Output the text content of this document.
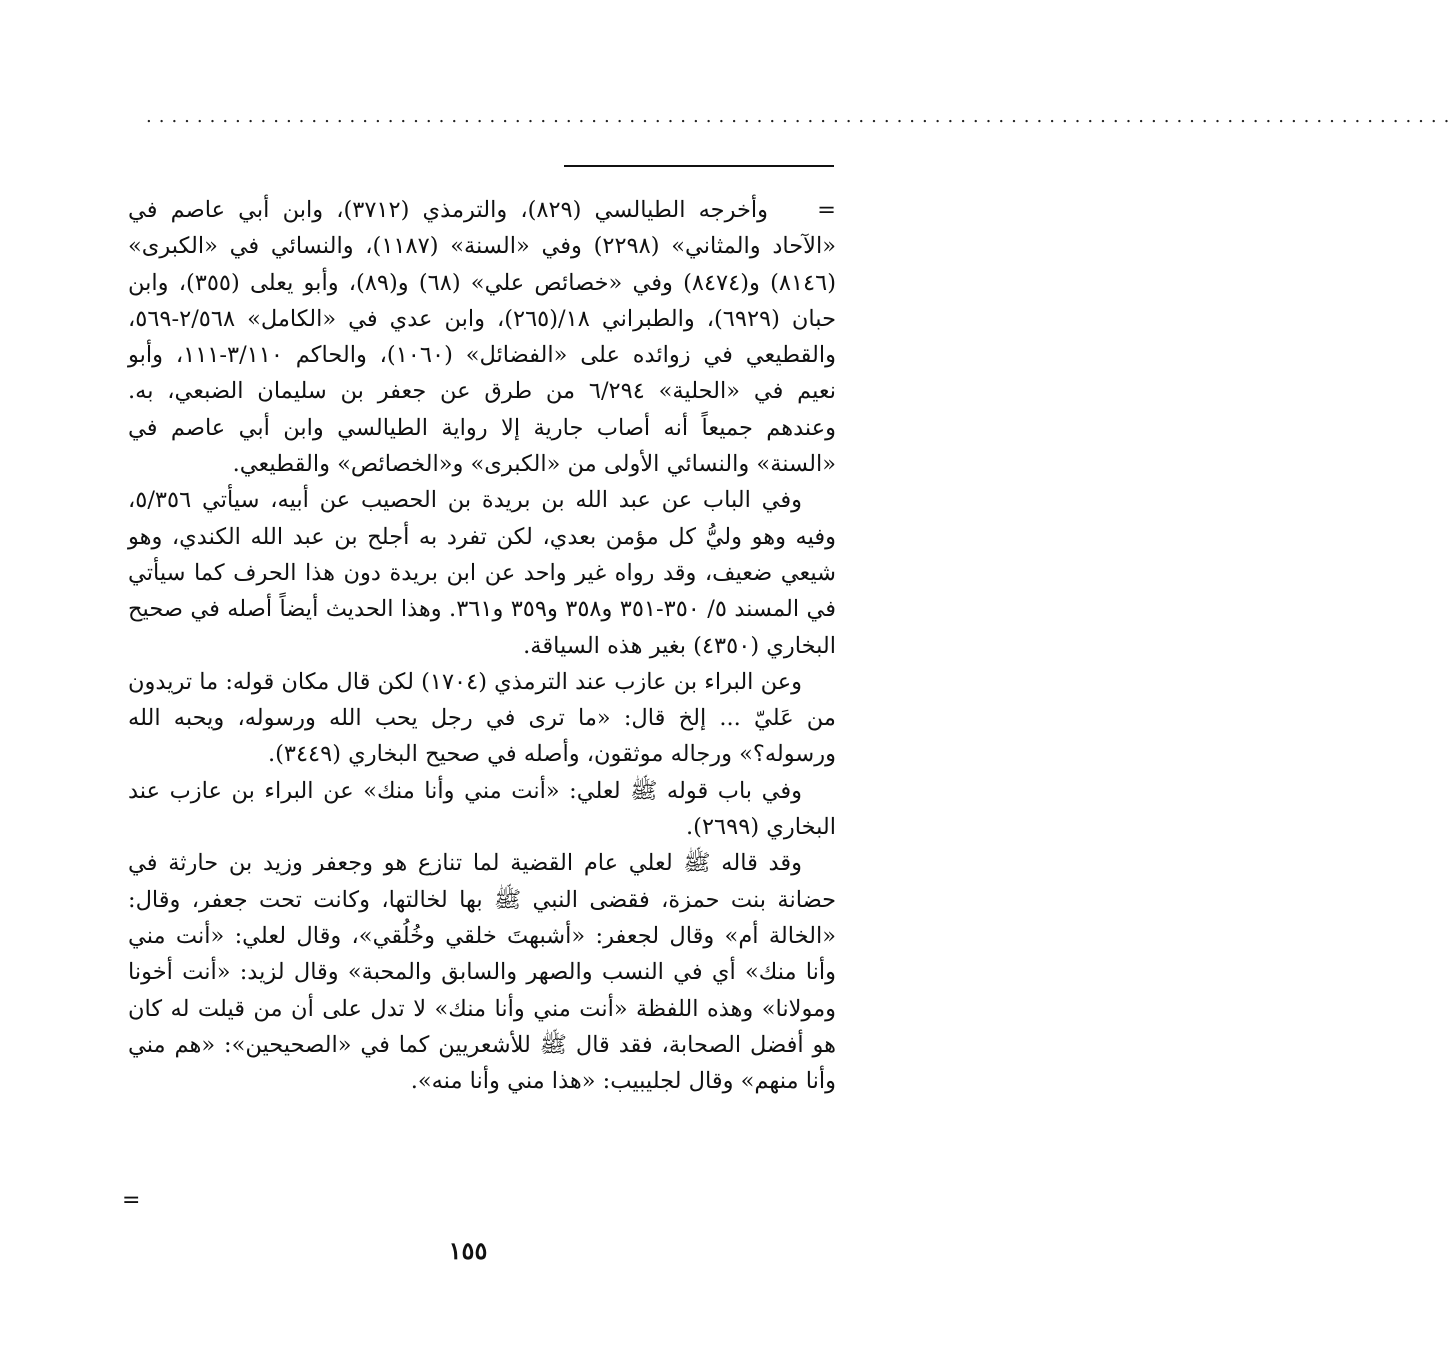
.......................................................................................................

=وأخرجه الطيالسي (٨٢٩)، والترمذي (٣٧١٢)، وابن أبي عاصم في «الآحاد والمثاني» (٢٢٩٨) وفي «السنة» (١١٨٧)، والنسائي في «الكبرى» (٨١٤٦) و(٨٤٧٤) وفي «خصائص علي» (٦٨) و(٨٩)، وأبو يعلى (٣٥٥)، وابن حبان (٦٩٢٩)، والطبراني ١٨/(٢٦٥)، وابن عدي في «الكامل» ٢/٥٦٨-٥٦٩، والقطيعي في زوائده على «الفضائل» (١٠٦٠)، والحاكم ٣/١١٠-١١١، وأبو نعيم في «الحلية» ٦/٢٩٤ من طرق عن جعفر بن سليمان الضبعي، به. وعندهم جميعاً أنه أصاب جارية إلا رواية الطيالسي وابن أبي عاصم في «السنة» والنسائي الأولى من «الكبرى» و«الخصائص» والقطيعي.

وفي الباب عن عبد الله بن بريدة بن الحصيب عن أبيه، سيأتي ٥/٣٥٦، وفيه وهو وليُّ كل مؤمن بعدي، لكن تفرد به أجلح بن عبد الله الكندي، وهو شيعي ضعيف، وقد رواه غير واحد عن ابن بريدة دون هذا الحرف كما سيأتي في المسند ٥/ ٣٥٠-٣٥١ و٣٥٨ و٣٥٩ و٣٦١. وهذا الحديث أيضاً أصله في صحيح البخاري (٤٣٥٠) بغير هذه السياقة.

وعن البراء بن عازب عند الترمذي (١٧٠٤) لكن قال مكان قوله: ما تريدون من عَليّ ... إلخ قال: «ما ترى في رجل يحب الله ورسوله، ويحبه الله ورسوله؟» ورجاله موثقون، وأصله في صحيح البخاري (٣٤٤٩).

وفي باب قوله ﷺ لعلي: «أنت مني وأنا منك» عن البراء بن عازب عند البخاري (٢٦٩٩).

وقد قاله ﷺ لعلي عام القضية لما تنازع هو وجعفر وزيد بن حارثة في حضانة بنت حمزة، فقضى النبي ﷺ بها لخالتها، وكانت تحت جعفر، وقال: «الخالة أم» وقال لجعفر: «أشبهتَ خلقي وخُلُقي»، وقال لعلي: «أنت مني وأنا منك» أي في النسب والصهر والسابق والمحبة» وقال لزيد: «أنت أخونا ومولانا» وهذه اللفظة «أنت مني وأنا منك» لا تدل على أن من قيلت له كان هو أفضل الصحابة، فقد قال ﷺ للأشعريين كما في «الصحيحين»: «هم مني وأنا منهم» وقال لجليبيب: «هذا مني وأنا منه».

=
١٥٥
